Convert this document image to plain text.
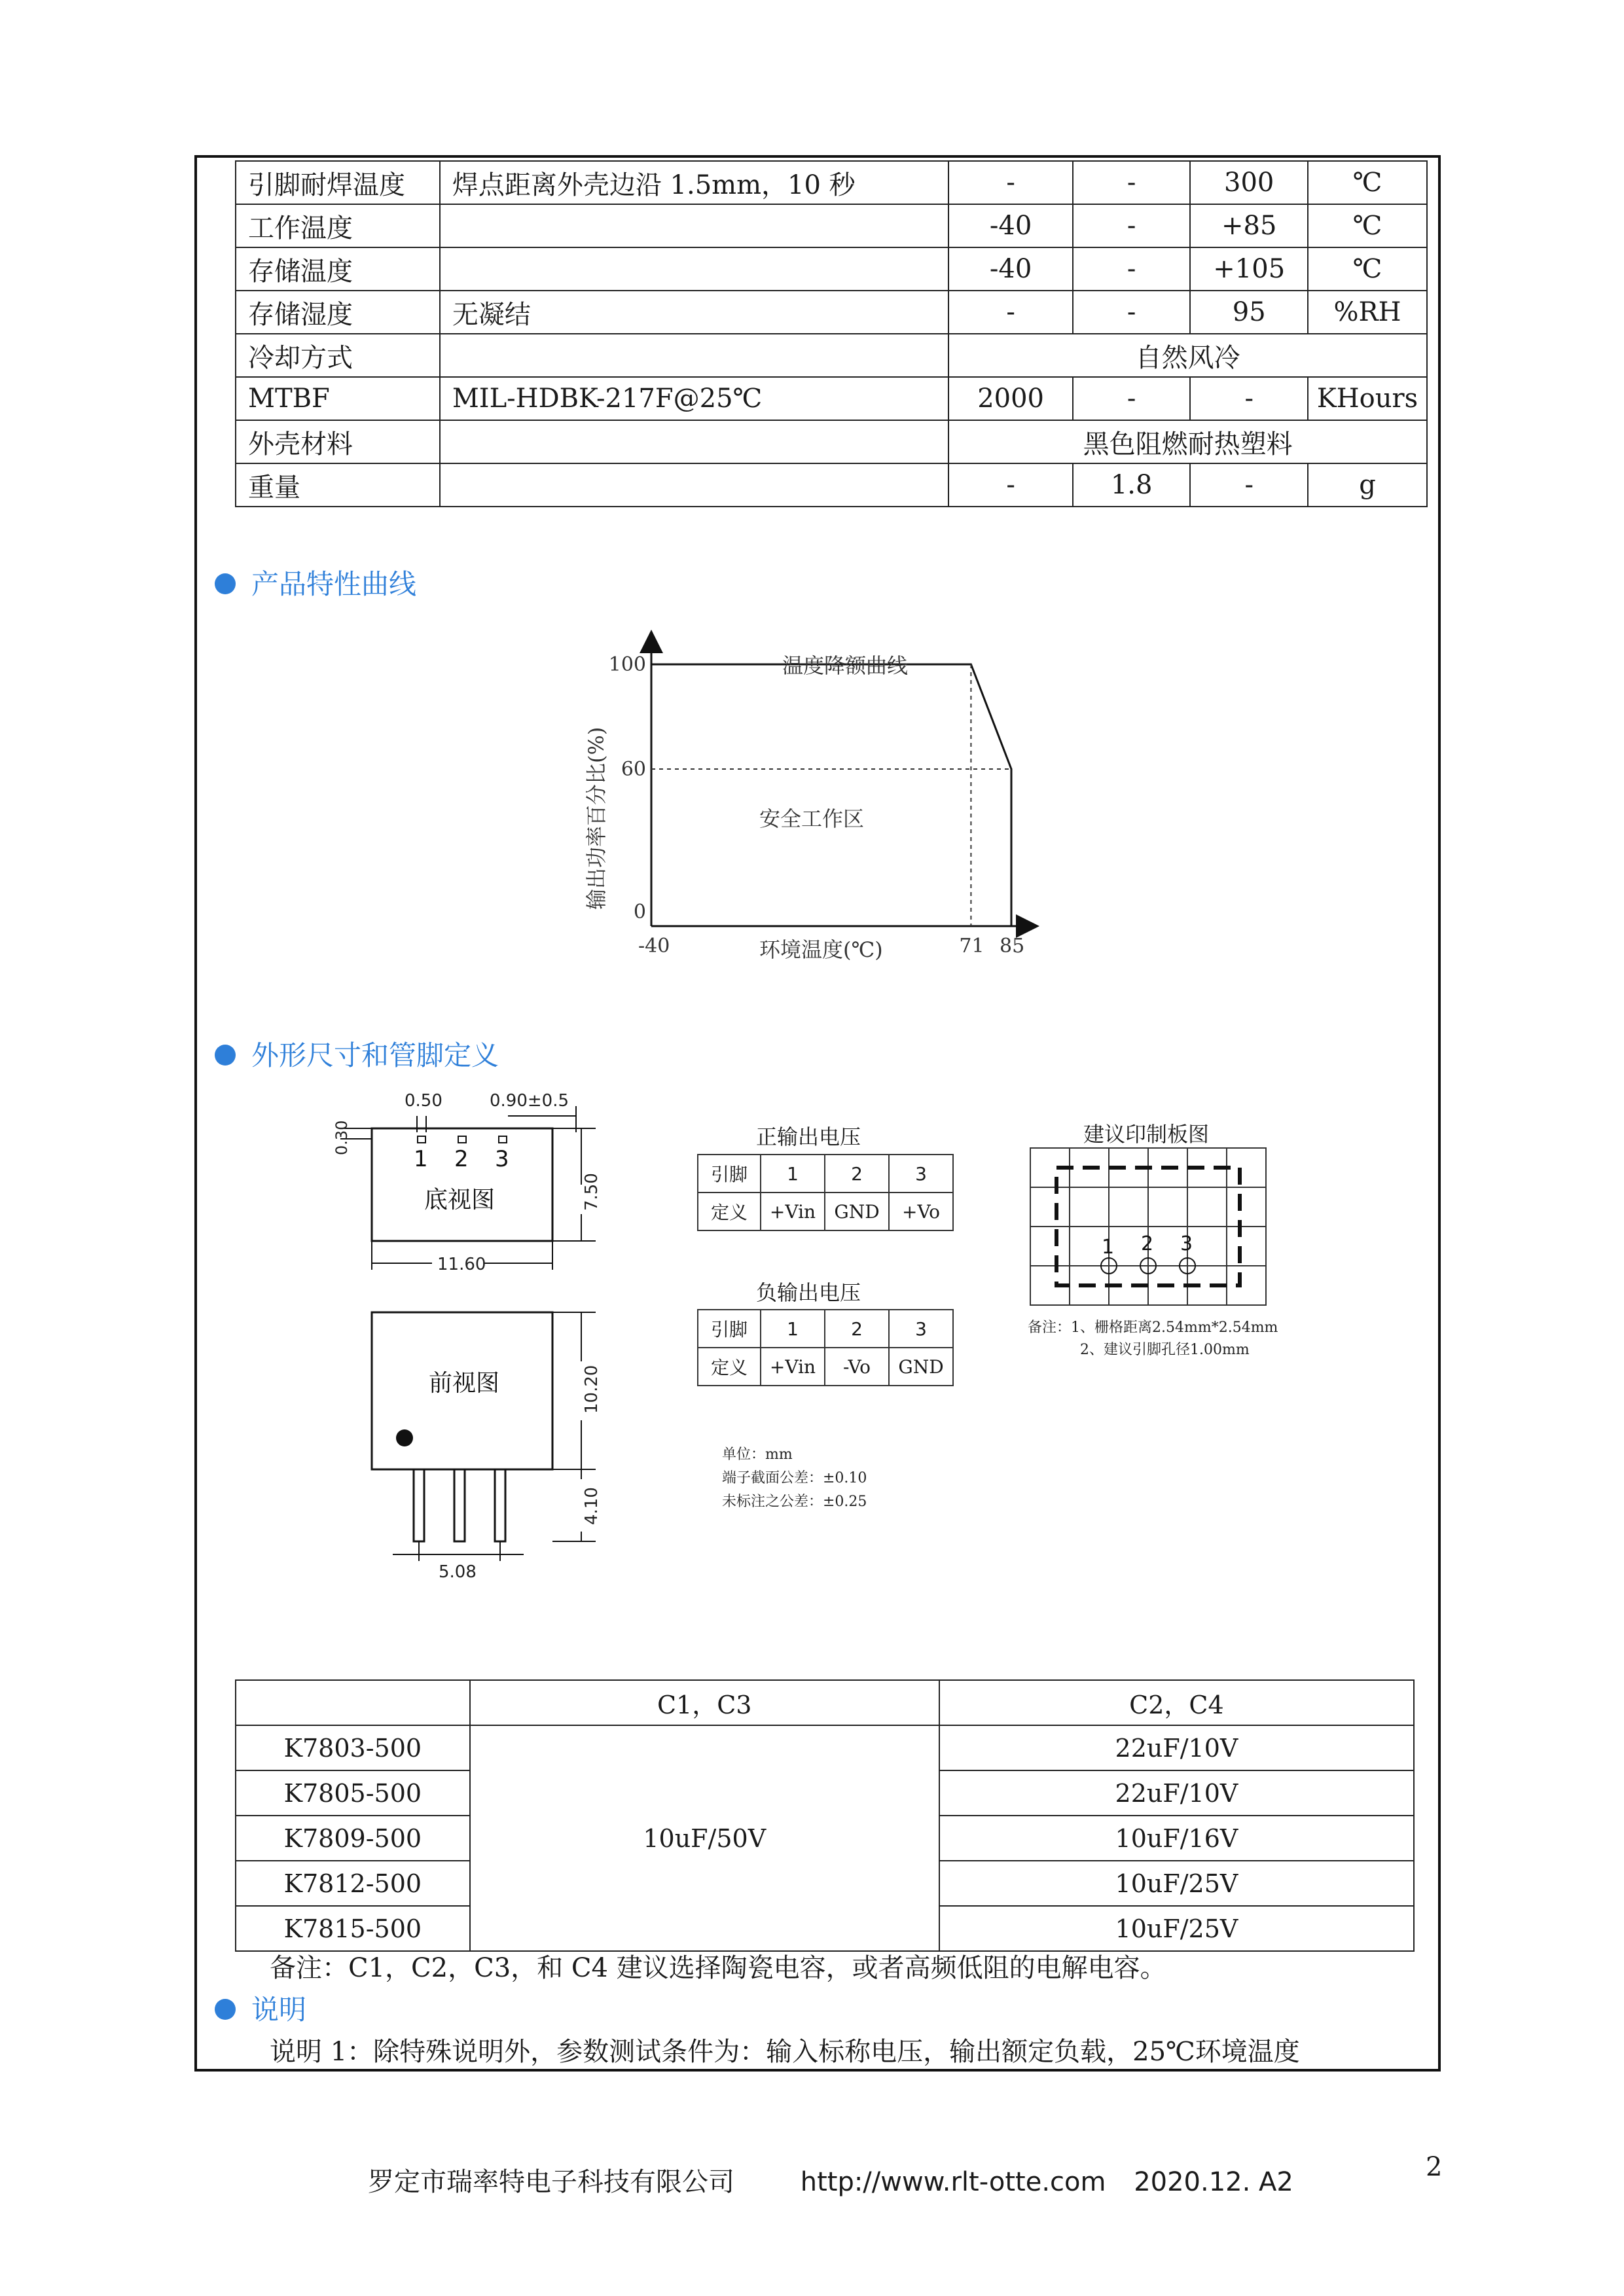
引脚耐焊温度	焊点距离外壳边沿 1.5mm，10 秒	-	-	300	℃
工作温度		-40	-	+85	℃
存储温度		-40	-	+105	℃
存储湿度	无凝结	-	-	95	%RH
冷却方式		自然风冷			
MTBF	MIL-HDBK-217F@25℃	2000	-	-	KHours
外壳材料		黑色阻燃耐热塑料			
重量		-	1.8	-	g
产品特性曲线
-40	71 85
0
60
100	温度降额曲线
安全工作区
环境温度(℃)
输出功率百分比(%)
外形尺寸和管脚定义
0.50	0.90±0.5
0.30
7.50
11.60
10.20
4.10
5.08
1 2 3
底视图
前视图
正输出电压
引脚	1	2	3
定义	+Vin	GND	+Vo
负输出电压
引脚	1	2	3
定义	+Vin	-Vo	GND
单位：mm
端子截面公差：±0.10
未标注之公差：±0.25
建议印制板图
1 2 3
备注：1、栅格距离2.54mm*2.54mm
2、建议引脚孔径1.00mm
	C1，C3	C2，C4
K7803-500	10uF/50V	22uF/10V
K7805-500		22uF/10V
K7809-500		10uF/16V
K7812-500		10uF/25V
K7815-500		10uF/25V
备注：C1，C2，C3，和 C4 建议选择陶瓷电容，或者高频低阻的电解电容。
说明
说明 1：除特殊说明外，参数测试条件为：输入标称电压，输出额定负载，25℃环境温度
罗定市瑞率特电子科技有限公司	http://www.rlt-otte.com 2020.12. A2	2
